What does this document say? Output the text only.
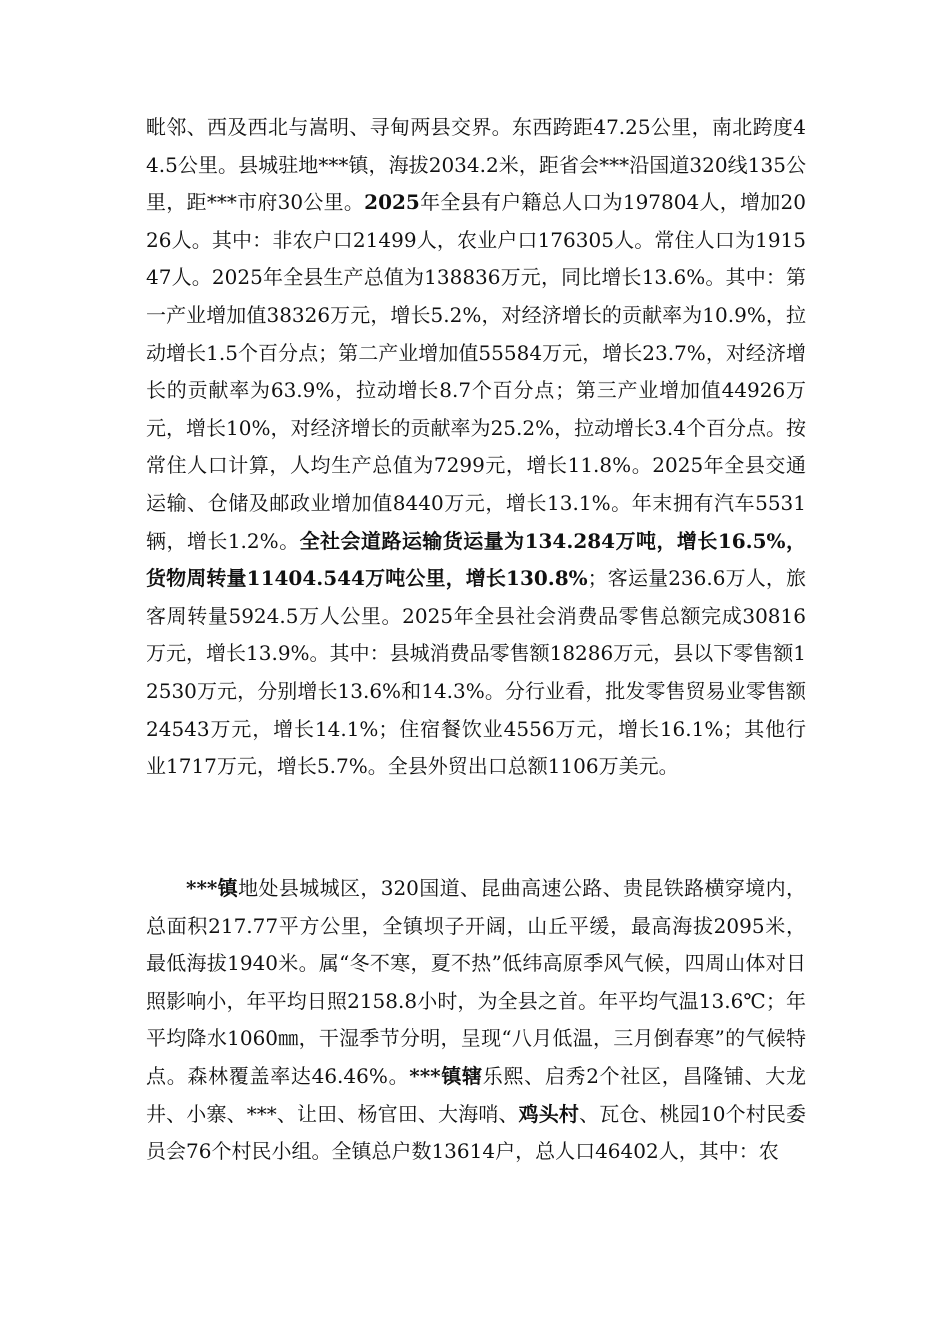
毗邻、西及西北与嵩明、寻甸两县交界。东西跨距47.25公里，南北跨度44.5公里。县城驻地***镇，海拔2034.2米，距省会***沿国道320线135公里，距***市府30公里。2025年全县有户籍总人口为197804人，增加2026人。其中：非农户口21499人，农业户口176305人。常住人口为191547人。2025年全县生产总值为138836万元，同比增长13.6%。其中：第一产业增加值38326万元，增长5.2%，对经济增长的贡献率为10.9%，拉动增长1.5个百分点；第二产业增加值55584万元，增长23.7%，对经济增长的贡献率为63.9%，拉动增长8.7个百分点；第三产业增加值44926万元，增长10%，对经济增长的贡献率为25.2%，拉动增长3.4个百分点。按常住人口计算，人均生产总值为7299元，增长11.8%。2025年全县交通运输、仓储及邮政业增加值8440万元，增长13.1%。年末拥有汽车5531辆，增长1.2%。全社会道路运输货运量为134.284万吨，增长16.5%，货物周转量11404.544万吨公里，增长130.8%；客运量236.6万人，旅客周转量5924.5万人公里。2025年全县社会消费品零售总额完成30816万元，增长13.9%。其中：县城消费品零售额18286万元，县以下零售额12530万元，分别增长13.6%和14.3%。分行业看，批发零售贸易业零售额24543万元，增长14.1%；住宿餐饮业4556万元，增长16.1%；其他行业1717万元，增长5.7%。全县外贸出口总额1106万美元。

***镇地处县城城区，320国道、昆曲高速公路、贵昆铁路横穿境内，总面积217.77平方公里，全镇坝子开阔，山丘平缓，最高海拔2095米，最低海拔1940米。属“冬不寒，夏不热”低纬高原季风气候，四周山体对日照影响小，年平均日照2158.8小时，为全县之首。年平均气温13.6℃；年平均降水1060㎜，干湿季节分明，呈现“八月低温，三月倒春寒”的气候特点。森林覆盖率达46.46%。***镇辖乐熙、启秀2个社区，昌隆铺、大龙井、小寨、***、让田、杨官田、大海哨、鸡头村、瓦仓、桃园10个村民委员会76个村民小组。全镇总户数13614户，总人口46402人，其中：农
